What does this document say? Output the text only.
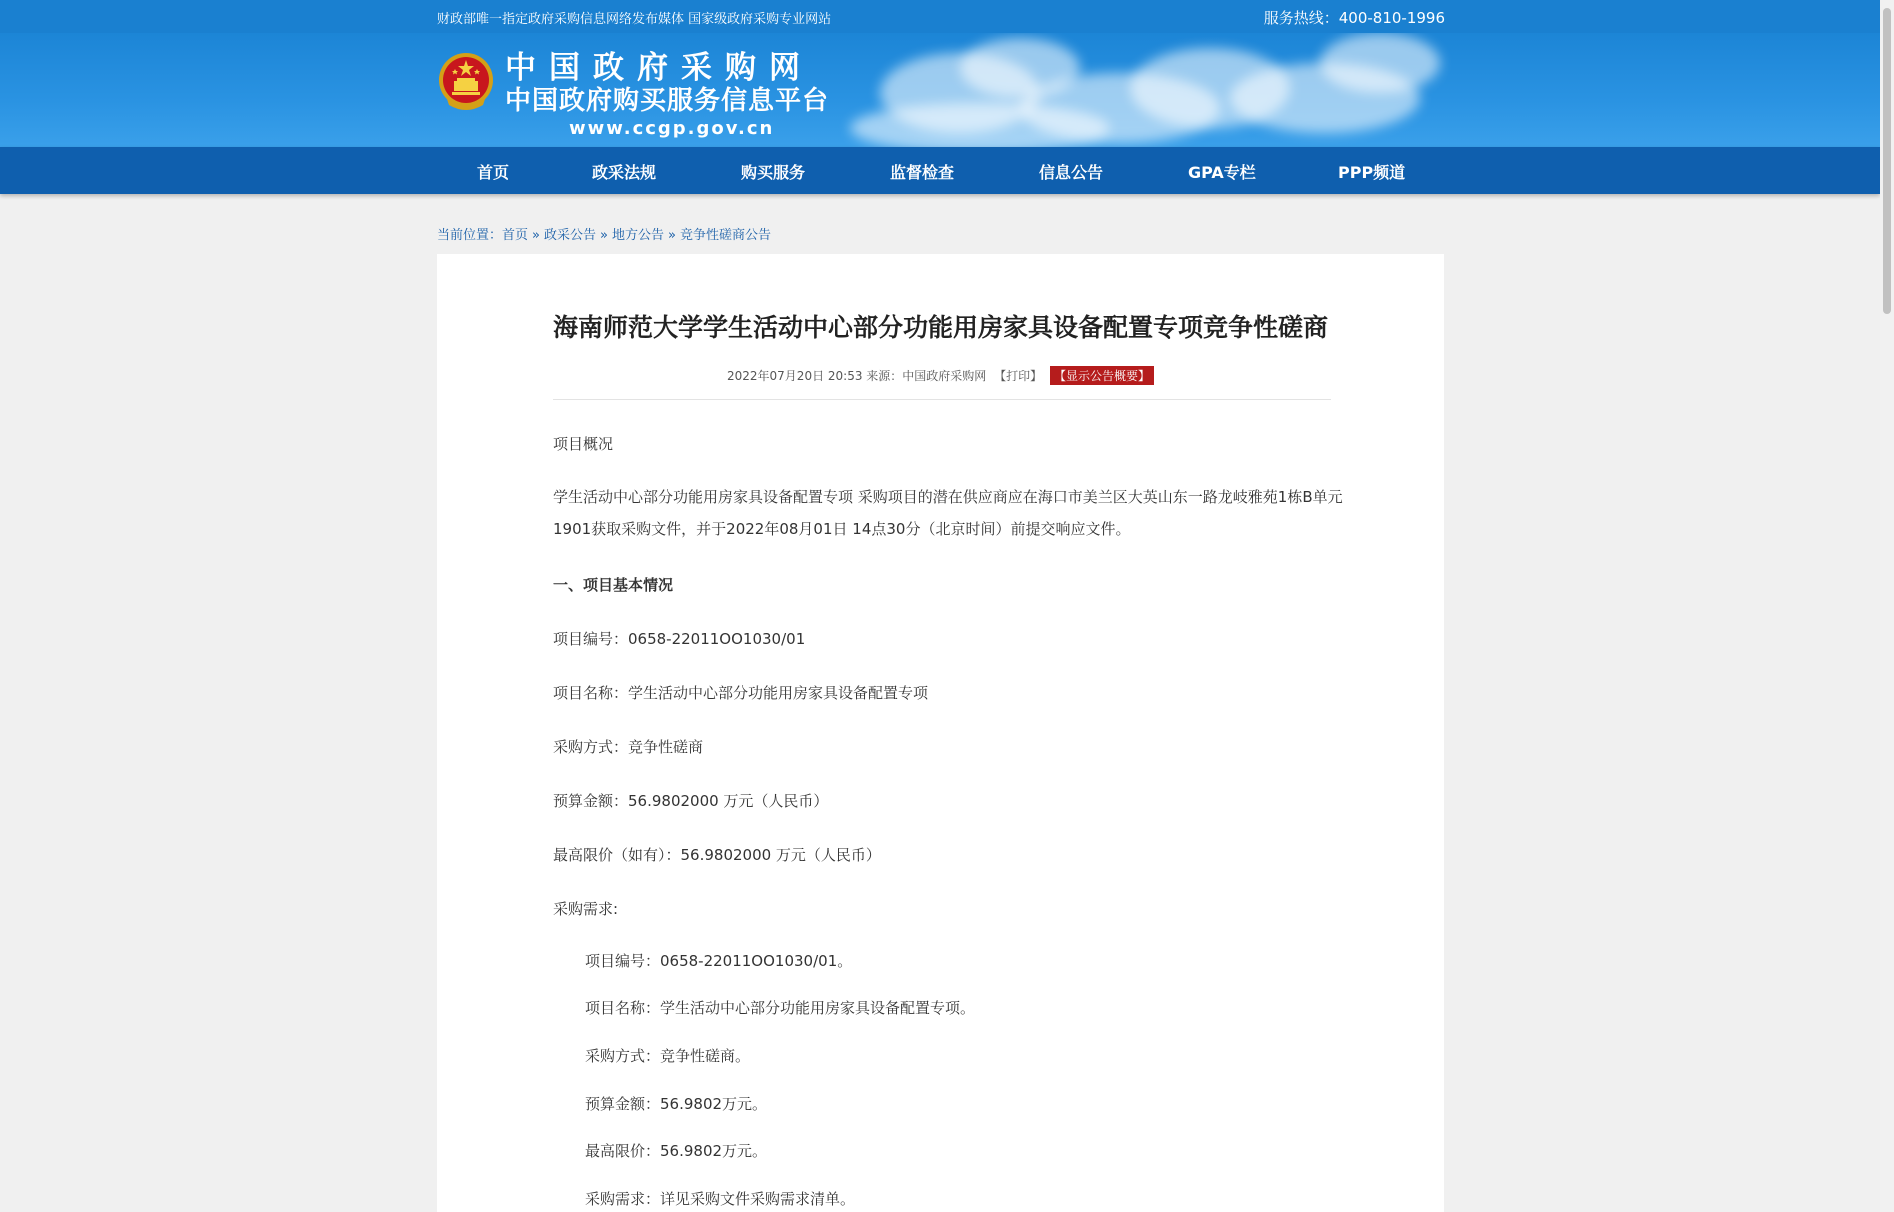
财政部唯一指定政府采购信息网络发布媒体 国家级政府采购专业网站	服务热线：400-810-1996
中国政府采购网
中国政府购买服务信息平台
www.ccgp.gov.cn
首页	政采法规	购买服务	监督检查	信息公告	GPA专栏	PPP频道
当前位置：首页 » 政采公告 » 地方公告 » 竞争性磋商公告
海南师范大学学生活动中心部分功能用房家具设备配置专项竞争性磋商
2022年07月20日 20:53 来源：中国政府采购网 【打印】 【显示公告概要】
项目概况
学生活动中心部分功能用房家具设备配置专项 采购项目的潜在供应商应在海口市美兰区大英山东一路龙岐雅苑1栋B单元1901获取采购文件，并于2022年08月01日 14点30分（北京时间）前提交响应文件。
一、项目基本情况
项目编号：0658-22011OO1030/01
项目名称：学生活动中心部分功能用房家具设备配置专项
采购方式：竞争性磋商
预算金额：56.9802000 万元（人民币）
最高限价（如有）：56.9802000 万元（人民币）
采购需求:
项目编号：0658-22011OO1030/01。
项目名称：学生活动中心部分功能用房家具设备配置专项。
采购方式：竞争性磋商。
预算金额：56.9802万元。
最高限价：56.9802万元。
采购需求：详见采购文件采购需求清单。
